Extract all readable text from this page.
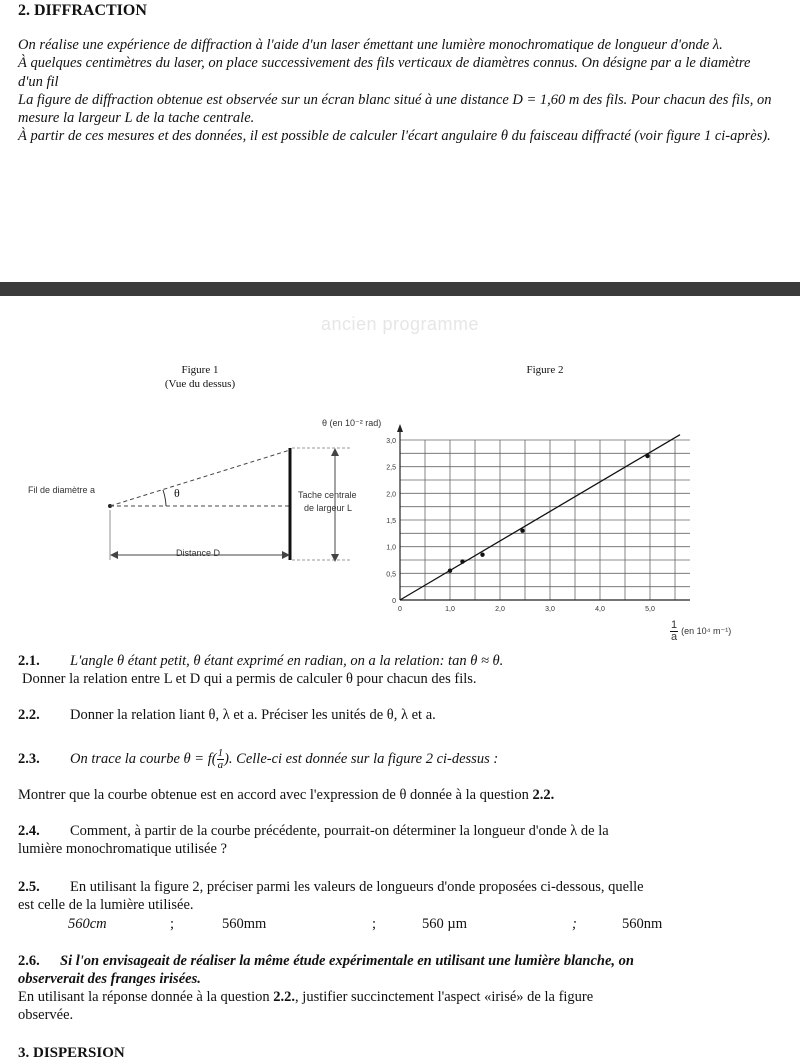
2. DIFFRACTION

On réalise une expérience de diffraction à l'aide d'un laser émettant une lumière monochromatique de longueur d'onde λ.

À quelques centimètres du laser, on place successivement des fils verticaux de diamètres connus. On désigne par a le diamètre d'un fil

La figure de diffraction obtenue est observée sur un écran blanc situé à une distance D = 1,60 m des fils. Pour chacun des fils, on mesure la largeur L de la tache centrale.

À partir de ces mesures et des données, il est possible de calculer l'écart angulaire θ du faisceau diffracté (voir figure 1 ci-après).

ancien programme
Figure 1
(Vue du dessus)
Fil de diamètre a	θ	Tache centrale
de largeur L
Distance D
Figure 2
θ (en 10⁻² rad)
0	1,0	2,0	3,0	4,0	5,0
0
0,5
1,0
1,5
2,0
2,5
3,0
$\frac{1}{a} (en$ 10⁴ m⁻¹)
2.1. L'angle θ étant petit, θ étant exprimé en radian, on a la relation: tan θ ≈ θ.
Donner la relation entre L et D qui a permis de calculer θ pour chacun des fils.
2.2. Donner la relation liant θ, λ et a. Préciser les unités de θ, λ et a.
2.3. On trace la courbe $\theta = f( \frac{1}{a}$ ). Celle-ci est donnée sur la figure 2 ci-dessus :
Montrer que la courbe obtenue est en accord avec l'expression de θ donnée à la question 2.2.
2.4. Comment, à partir de la courbe précédente, pourrait-on déterminer la longueur d'onde λ de la
lumière monochromatique utilisée ?
2.5. En utilisant la figure 2, préciser parmi les valeurs de longueurs d'onde proposées ci-dessous, quelle
est celle de la lumière utilisée.
560cm	;	560mm	;	560 µm	;	560nm
2.6. Si l'on envisageait de réaliser la même étude expérimentale en utilisant une lumière blanche, on
observerait des franges irisées.
En utilisant la réponse donnée à la question 2.2., justifier succinctement l'aspect «irisé» de la figure
observée.
3. DISPERSION
